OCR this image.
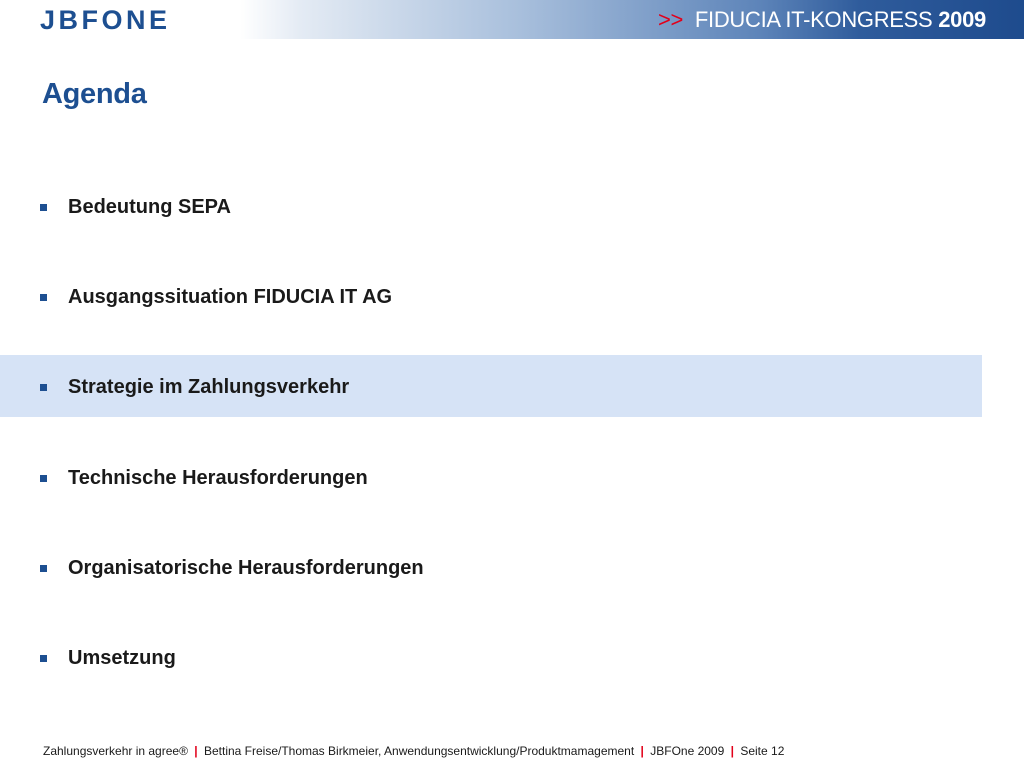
JBFONE	>> FIDUCIA IT-KONGRESS 2009
Agenda
Bedeutung SEPA
Ausgangssituation FIDUCIA IT AG
Strategie im Zahlungsverkehr
Technische Herausforderungen
Organisatorische Herausforderungen
Umsetzung
Zahlungsverkehr in agree® | Bettina Freise/Thomas Birkmeier, Anwendungsentwicklung/Produktmamagement | JBFOne 2009 | Seite 12
